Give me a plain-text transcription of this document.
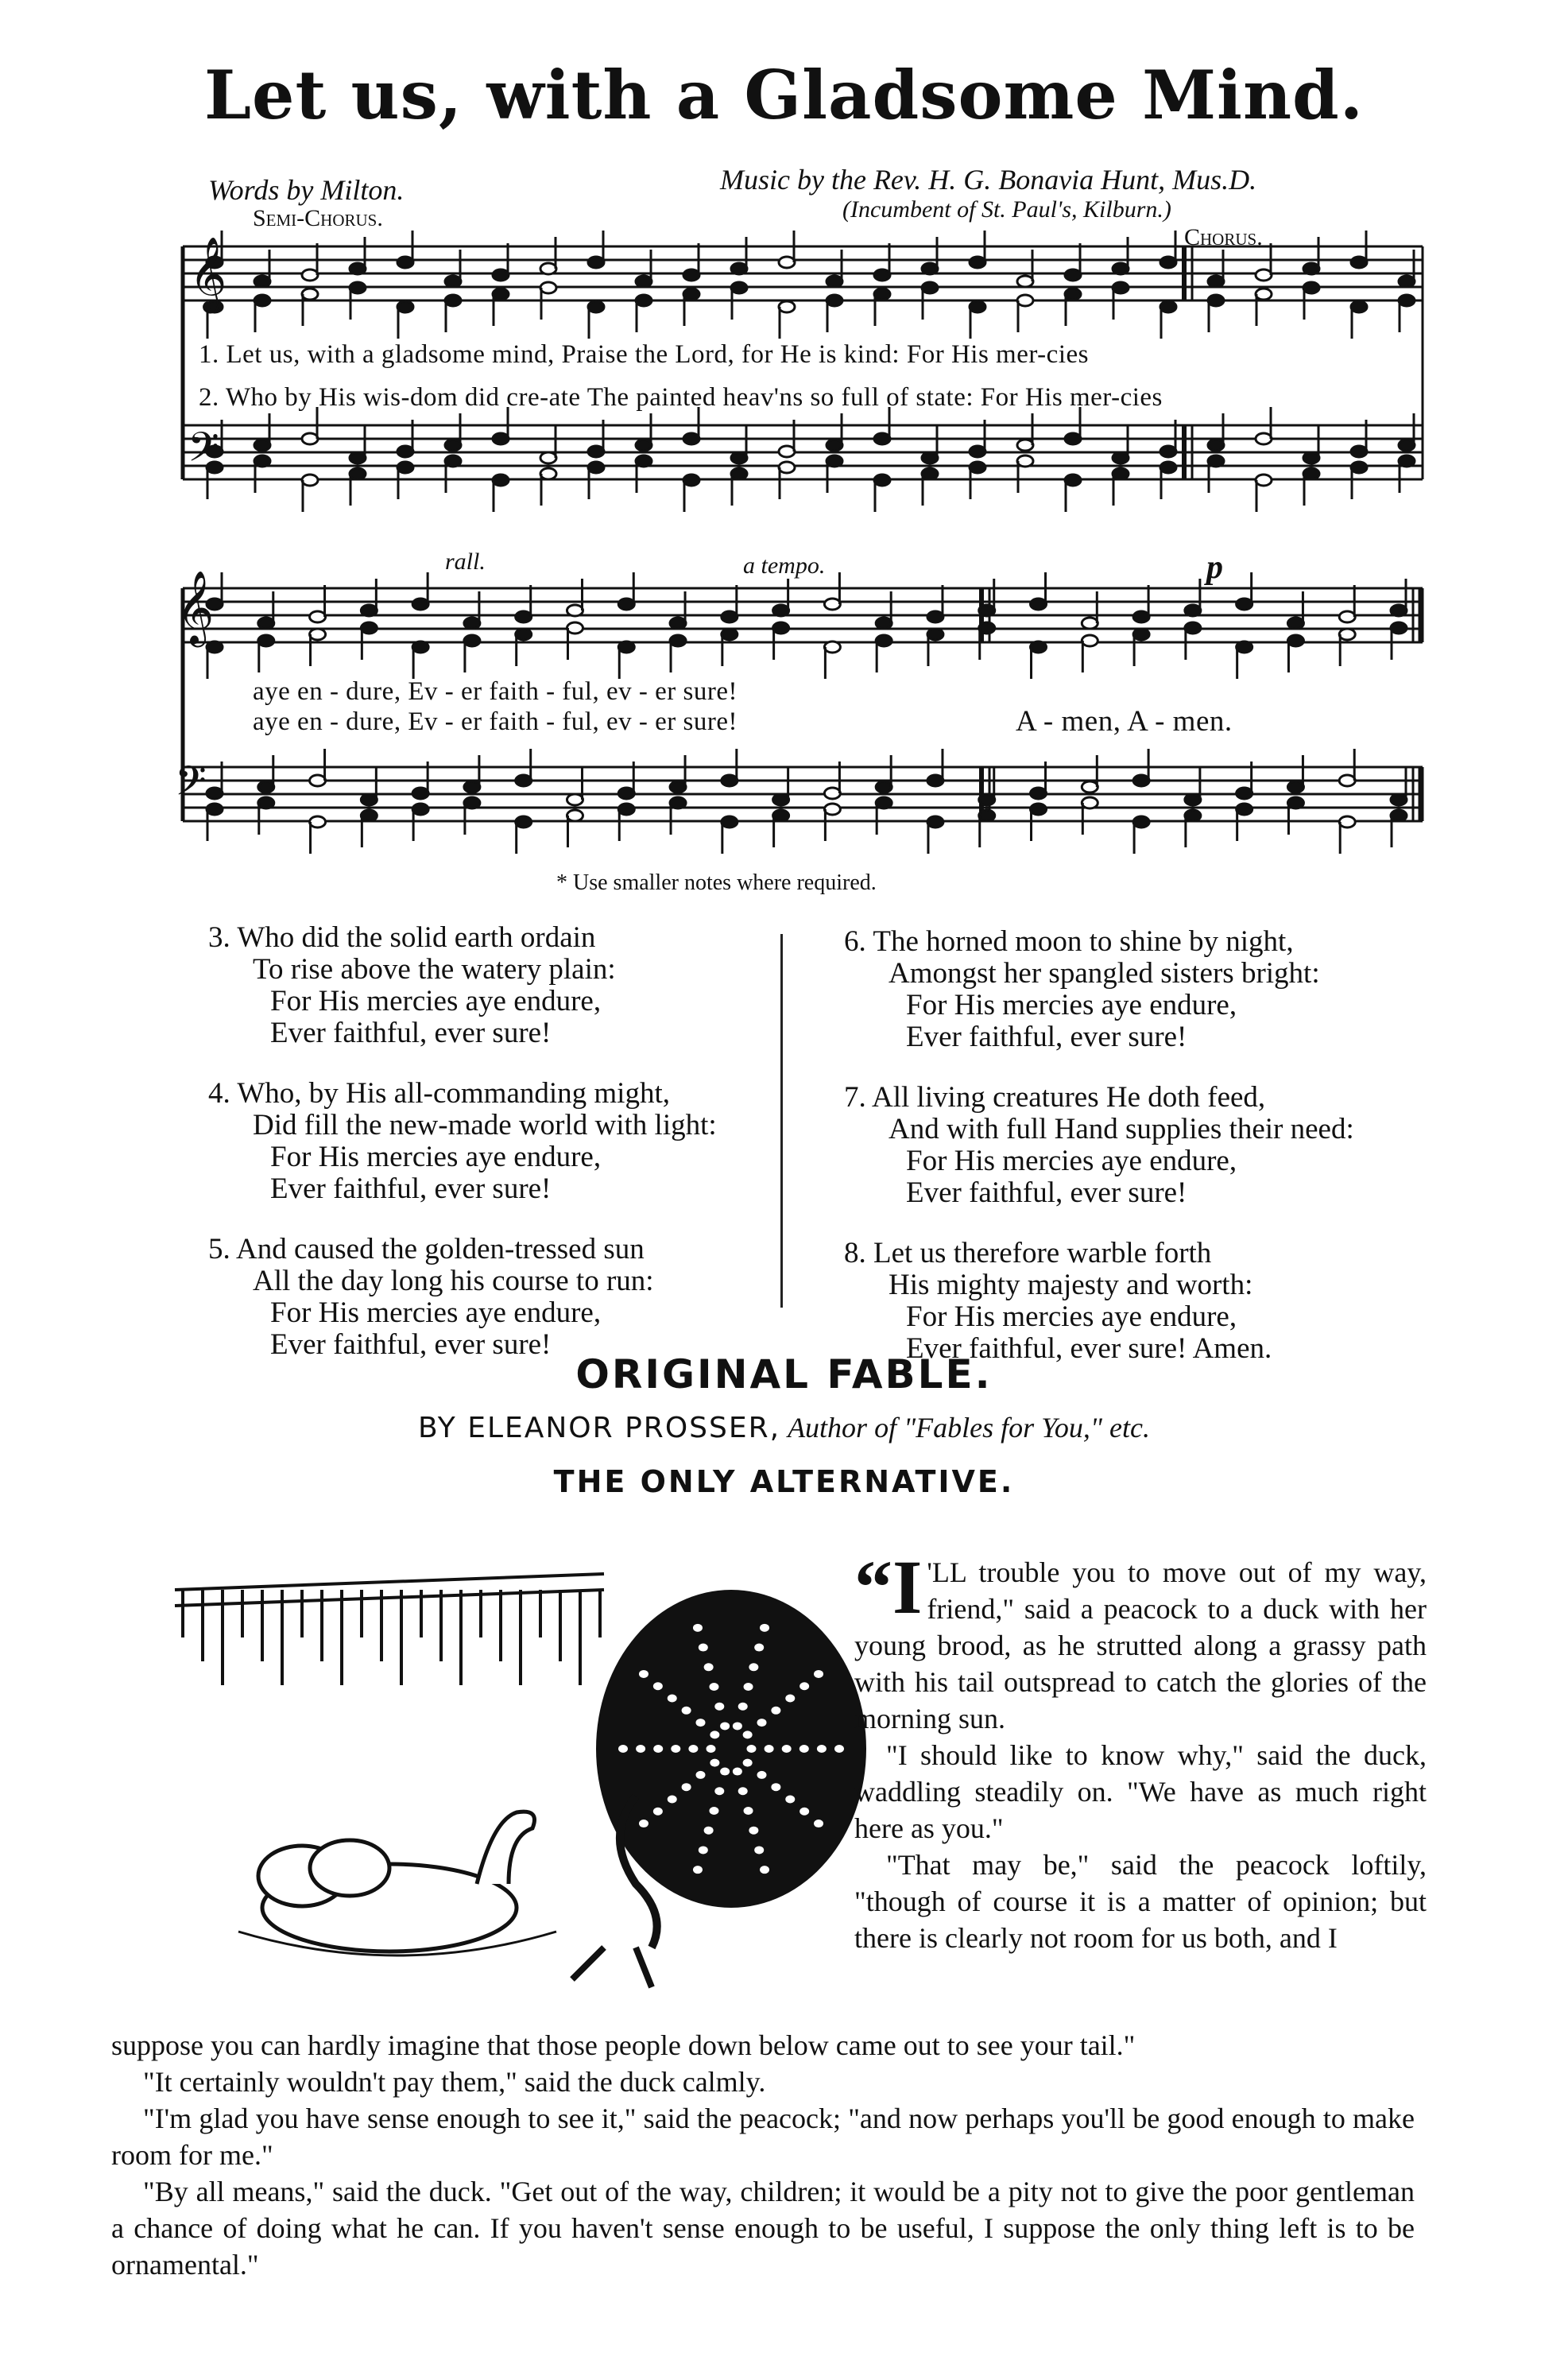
Let us, with a Gladsome Mind.
Words by Milton.	Music by the Rev. H. G. Bonavia Hunt, Mus.D.
(Incumbent of St. Paul's, Kilburn.)
Semi-Chorus.
Chorus.
𝄞
𝄢
1. Let us, with a gladsome mind, Praise the Lord, for He is kind: For His mer-cies
2. Who by His wis-dom did cre-ate The painted heav'ns so full of state: For His mer-cies
rall.	a tempo.	p
𝄞
𝄢
aye en - dure, Ev - er faith - ful, ev - er sure!
aye en - dure, Ev - er faith - ful, ev - er sure!	A - men, A - men.
* Use smaller notes where required.
3. Who did the solid earth ordain
To rise above the watery plain:
For His mercies aye endure,
Ever faithful, ever sure!
4. Who, by His all-commanding might,
Did fill the new-made world with light:
For His mercies aye endure,
Ever faithful, ever sure!
5. And caused the golden-tressed sun
All the day long his course to run:
For His mercies aye endure,
Ever faithful, ever sure!
6. The horned moon to shine by night,
Amongst her spangled sisters bright:
For His mercies aye endure,
Ever faithful, ever sure!
7. All living creatures He doth feed,
And with full Hand supplies their need:
For His mercies aye endure,
Ever faithful, ever sure!
8. Let us therefore warble forth
His mighty majesty and worth:
For His mercies aye endure,
Ever faithful, ever sure! Amen.
ORIGINAL FABLE.
BY ELEANOR PROSSER, Author of "Fables for You," etc.
THE ONLY ALTERNATIVE.

“I 'LL trouble you to move out of my way, friend," said a peacock to a duck with her young brood, as he strutted along a grassy path with his tail outspread to catch the glories of the morning sun.

"I should like to know why," said the duck, waddling steadily on. "We have as much right here as you."

"That may be," said the peacock loftily, "though of course it is a matter of opinion; but there is clearly not room for us both, and I

suppose you can hardly imagine that those people down below came out to see your tail."

"It certainly wouldn't pay them," said the duck calmly.

"I'm glad you have sense enough to see it," said the peacock; "and now perhaps you'll be good enough to make room for me."

"By all means," said the duck. "Get out of the way, children; it would be a pity not to give the poor gentleman a chance of doing what he can. If you haven't sense enough to be useful, I suppose the only thing left is to be ornamental."
